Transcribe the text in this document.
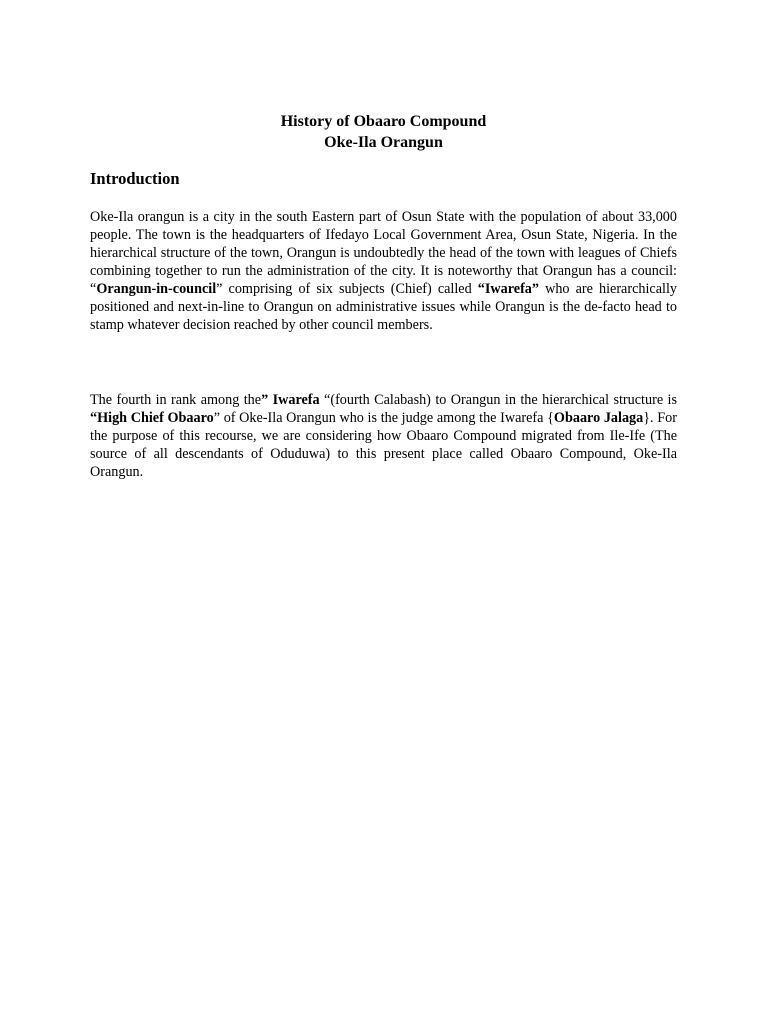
History of Obaaro Compound
Oke-Ila Orangun
Introduction

Oke-Ila orangun is a city in the south Eastern part of Osun State with the population of about 33,000 people. The town is the headquarters of Ifedayo Local Government Area, Osun State, Nigeria. In the hierarchical structure of the town, Orangun is undoubtedly the head of the town with leagues of Chiefs combining together to run the administration of the city. It is noteworthy that Orangun has a council: “Orangun-in-council” comprising of six subjects (Chief) called “Iwarefa” who are hierarchically positioned and next-in-line to Orangun on administrative issues while Orangun is the de-facto head to stamp whatever decision reached by other council members.

The fourth in rank among the” Iwarefa “(fourth Calabash) to Orangun in the hierarchical structure is “High Chief Obaaro” of Oke-Ila Orangun who is the judge among the Iwarefa {Obaaro Jalaga}. For the purpose of this recourse, we are considering how Obaaro Compound migrated from Ile-Ife (The source of all descendants of Oduduwa) to this present place called Obaaro Compound, Oke-Ila Orangun.
